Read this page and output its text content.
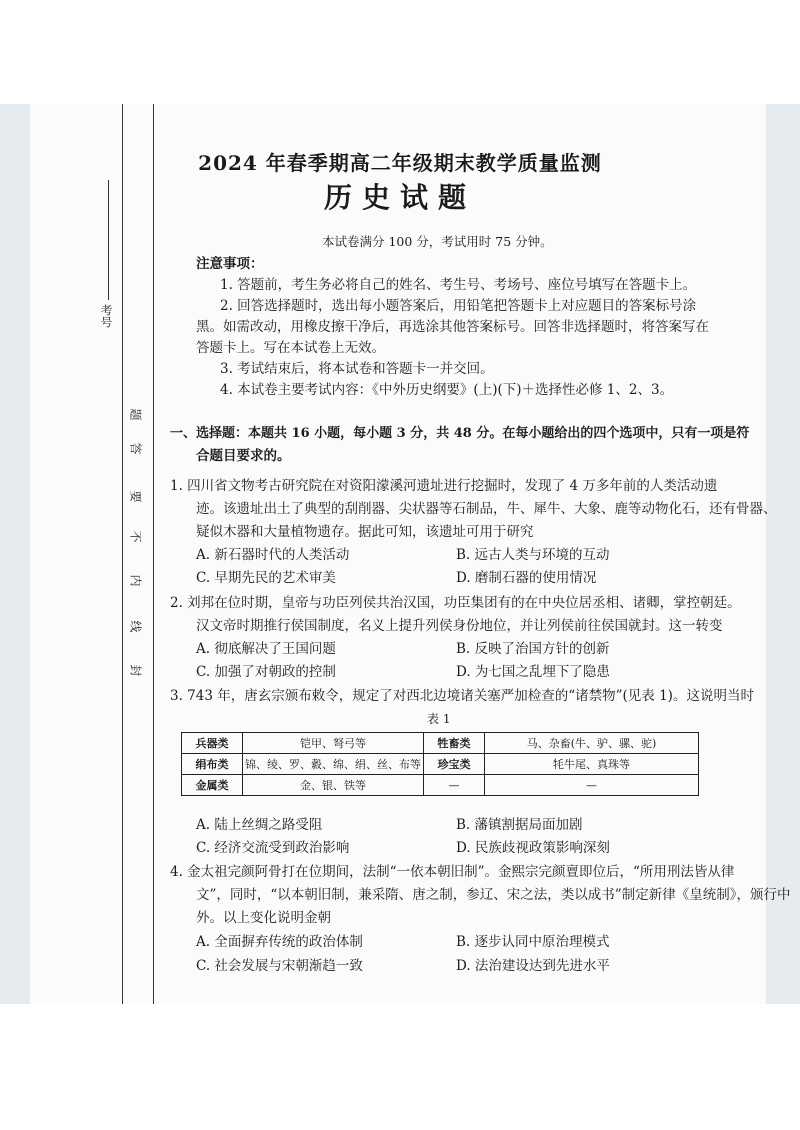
考号
题
答
要
不
内
线
封
2024 年春季期高二年级期末教学质量监测
历史试题
本试卷满分 100 分，考试用时 75 分钟。
注意事项：
1. 答题前，考生务必将自己的姓名、考生号、考场号、座位号填写在答题卡上。
2. 回答选择题时，选出每小题答案后，用铅笔把答题卡上对应题目的答案标号涂
黑。如需改动，用橡皮擦干净后，再选涂其他答案标号。回答非选择题时，将答案写在
答题卡上。写在本试卷上无效。
3. 考试结束后，将本试卷和答题卡一并交回。
4. 本试卷主要考试内容：《中外历史纲要》(上)(下)＋选择性必修 1、2、3。
一、选择题：本题共 16 小题，每小题 3 分，共 48 分。在每小题给出的四个选项中，只有一项是符
合题目要求的。
1. 四川省文物考古研究院在对资阳濛溪河遗址进行挖掘时，发现了 4 万多年前的人类活动遗
迹。该遗址出土了典型的刮削器、尖状器等石制品，牛、犀牛、大象、鹿等动物化石，还有骨器、
疑似木器和大量植物遗存。据此可知，该遗址可用于研究
A. 新石器时代的人类活动	B. 远古人类与环境的互动
C. 早期先民的艺术审美	D. 磨制石器的使用情况
2. 刘邦在位时期，皇帝与功臣列侯共治汉国，功臣集团有的在中央位居丞相、诸卿，掌控朝廷。
汉文帝时期推行侯国制度，名义上提升列侯身份地位，并让列侯前往侯国就封。这一转变
A. 彻底解决了王国问题	B. 反映了治国方针的创新
C. 加强了对朝政的控制	D. 为七国之乱埋下了隐患
3. 743 年，唐玄宗颁布敕令，规定了对西北边境诸关塞严加检查的“诸禁物”(见表 1)。这说明当时
表 1
兵器类	铠甲、弩弓等	牲畜类	马、杂畜(牛、驴、骡、驼)
绢布类	锦、绫、罗、縠、绵、绢、丝、布等	珍宝类	牦牛尾、真珠等
金属类	金、银、铁等	—	—
A. 陆上丝绸之路受阻	B. 藩镇割据局面加剧
C. 经济交流受到政治影响	D. 民族歧视政策影响深刻
4. 金太祖完颜阿骨打在位期间，法制“一依本朝旧制”。金熙宗完颜亶即位后，“所用刑法皆从律
文”，同时，“以本朝旧制，兼采隋、唐之制，参辽、宋之法，类以成书”制定新律《皇统制》，颁行中
外。以上变化说明金朝
A. 全面摒弃传统的政治体制	B. 逐步认同中原治理模式
C. 社会发展与宋朝渐趋一致	D. 法治建设达到先进水平
